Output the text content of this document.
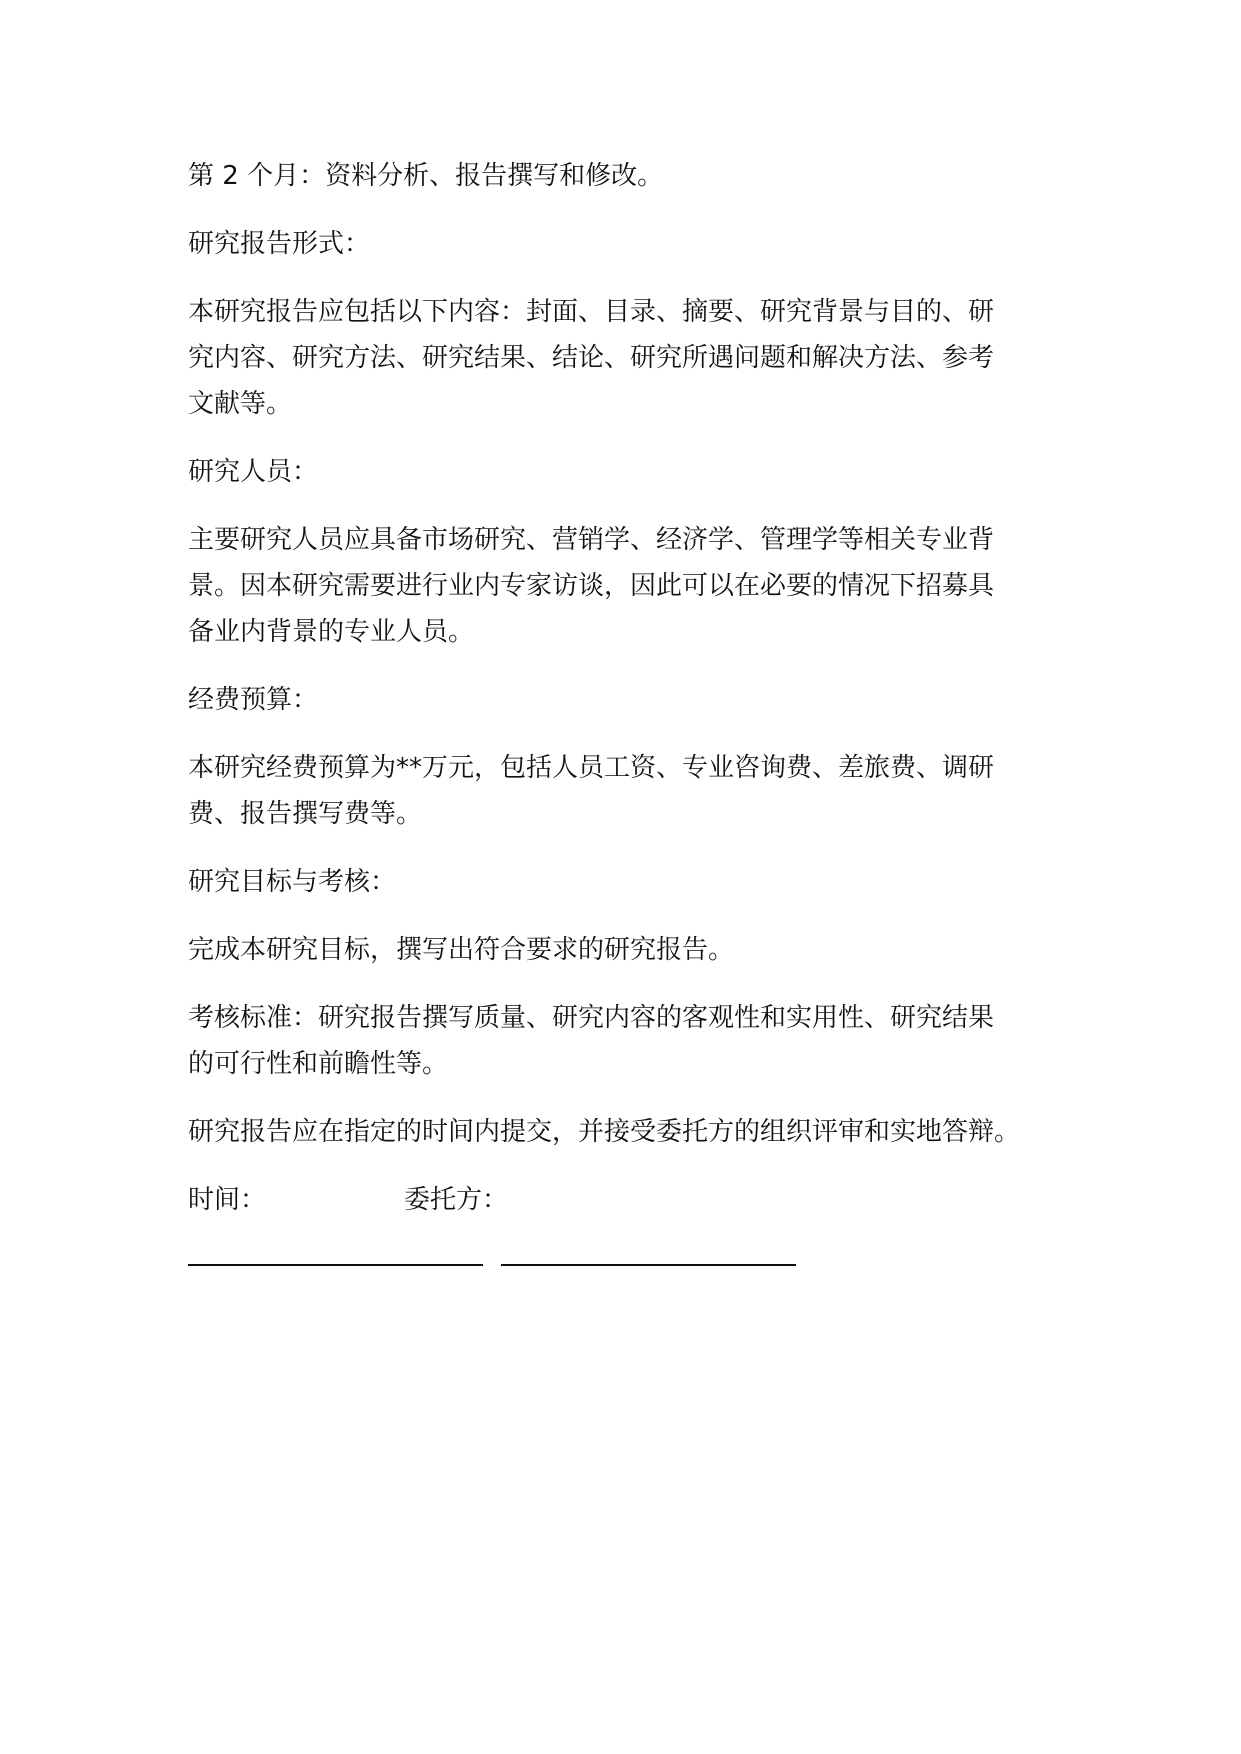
第 2 个月：资料分析、报告撰写和修改。

研究报告形式：

本研究报告应包括以下内容：封面、目录、摘要、研究背景与目的、研
究内容、研究方法、研究结果、结论、研究所遇问题和解决方法、参考
文献等。

研究人员：

主要研究人员应具备市场研究、营销学、经济学、管理学等相关专业背
景。因本研究需要进行业内专家访谈，因此可以在必要的情况下招募具
备业内背景的专业人员。

经费预算：

本研究经费预算为**万元，包括人员工资、专业咨询费、差旅费、调研
费、报告撰写费等。

研究目标与考核：

完成本研究目标，撰写出符合要求的研究报告。

考核标准：研究报告撰写质量、研究内容的客观性和实用性、研究结果
的可行性和前瞻性等。

研究报告应在指定的时间内提交，并接受委托方的组织评审和实地答辩。

时间：	委托方：
